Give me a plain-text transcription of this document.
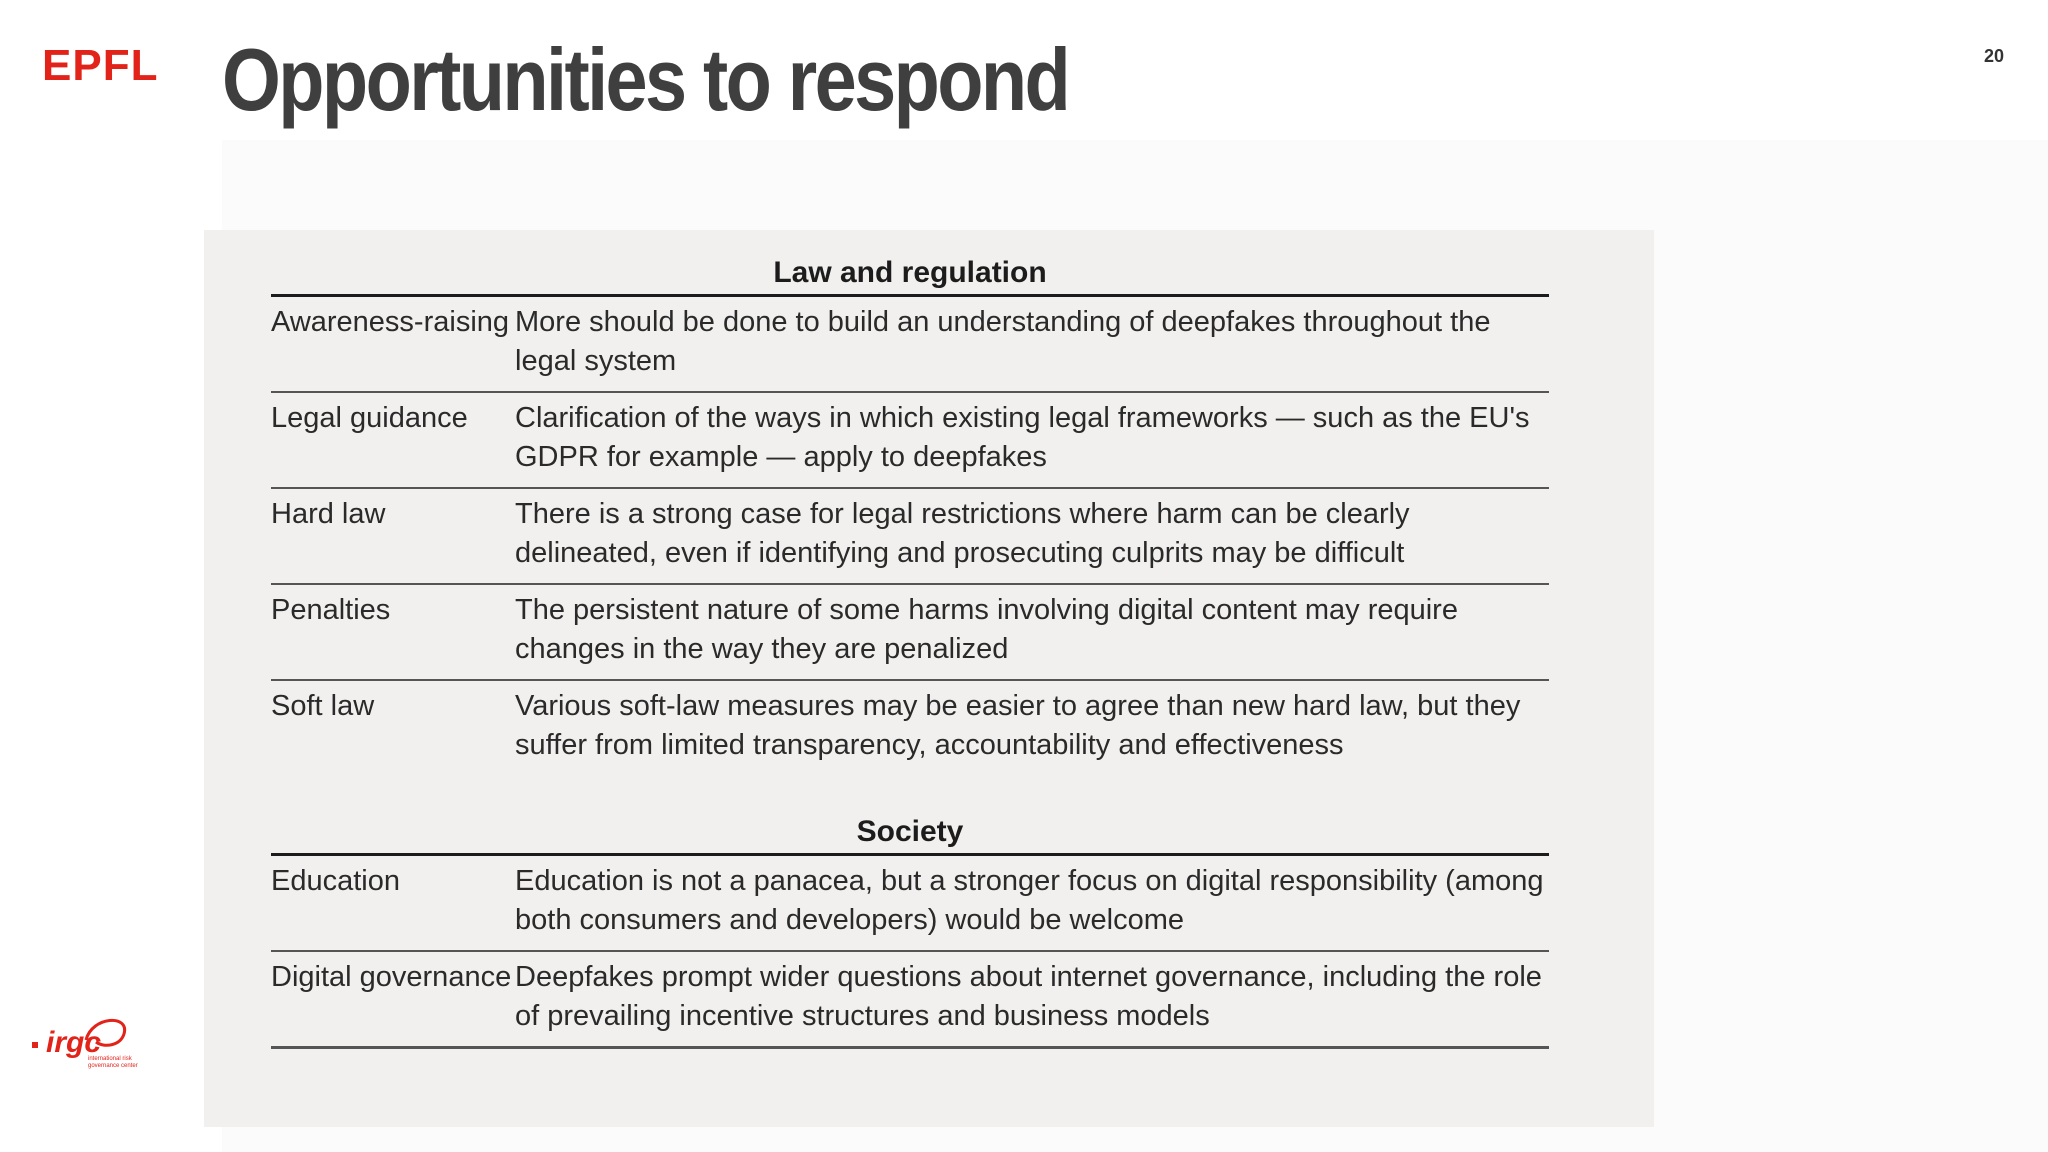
EPFL Opportunities to respond	20
Law and regulation
Awareness-raising More should be done to build an understanding of deepfakes throughout the legal system
Legal guidance	Clarification of the ways in which existing legal frameworks — such as the EU's GDPR for example — apply to deepfakes
Hard law	There is a strong case for legal restrictions where harm can be clearly delineated, even if identifying and prosecuting culprits may be difficult
Penalties	The persistent nature of some harms involving digital content may require changes in the way they are penalized
Soft law	Various soft-law measures may be easier to agree than new hard law, but they suffer from limited transparency, accountability and effectiveness
Society
Education	Education is not a panacea, but a stronger focus on digital responsibility (among both consumers and developers) would be welcome
Digital governance Deepfakes prompt wider questions about internet governance, including the role of prevailing incentive structures and business models
irgc
international risk
governance center
